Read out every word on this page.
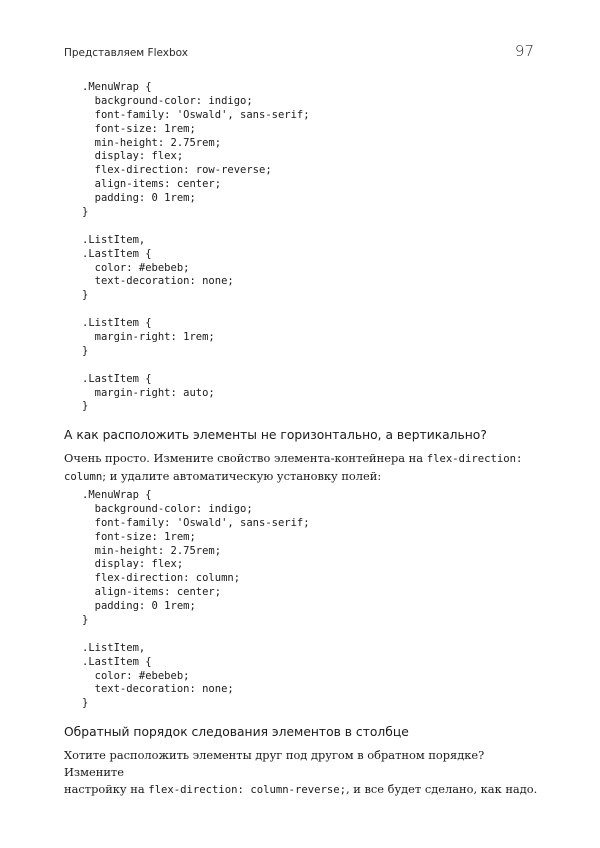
Представляем Flexbox	97
.MenuWrap {
background-color: indigo;
font-family: 'Oswald', sans-serif;
font-size: 1rem;
min-height: 2.75rem;
display: flex;
flex-direction: row-reverse;
align-items: center;
padding: 0 1rem;
}
.ListItem,
.LastItem {
color: #ebebeb;
text-decoration: none;
}
.ListItem {
margin-right: 1rem;
}
.LastItem {
margin-right: auto;
}
А как расположить элементы не горизонтально, а вертикально?
Очень просто. Измените свойство элемента-контейнера на flex-direction:
column; и удалите автоматическую установку полей:
.MenuWrap {
background-color: indigo;
font-family: 'Oswald', sans-serif;
font-size: 1rem;
min-height: 2.75rem;
display: flex;
flex-direction: column;
align-items: center;
padding: 0 1rem;
}
.ListItem,
.LastItem {
color: #ebebeb;
text-decoration: none;
}
Обратный порядок следования элементов в столбце
Хотите расположить элементы друг под другом в обратном порядке? Измените
настройку на flex-direction: column-reverse;, и все будет сделано, как надо.
